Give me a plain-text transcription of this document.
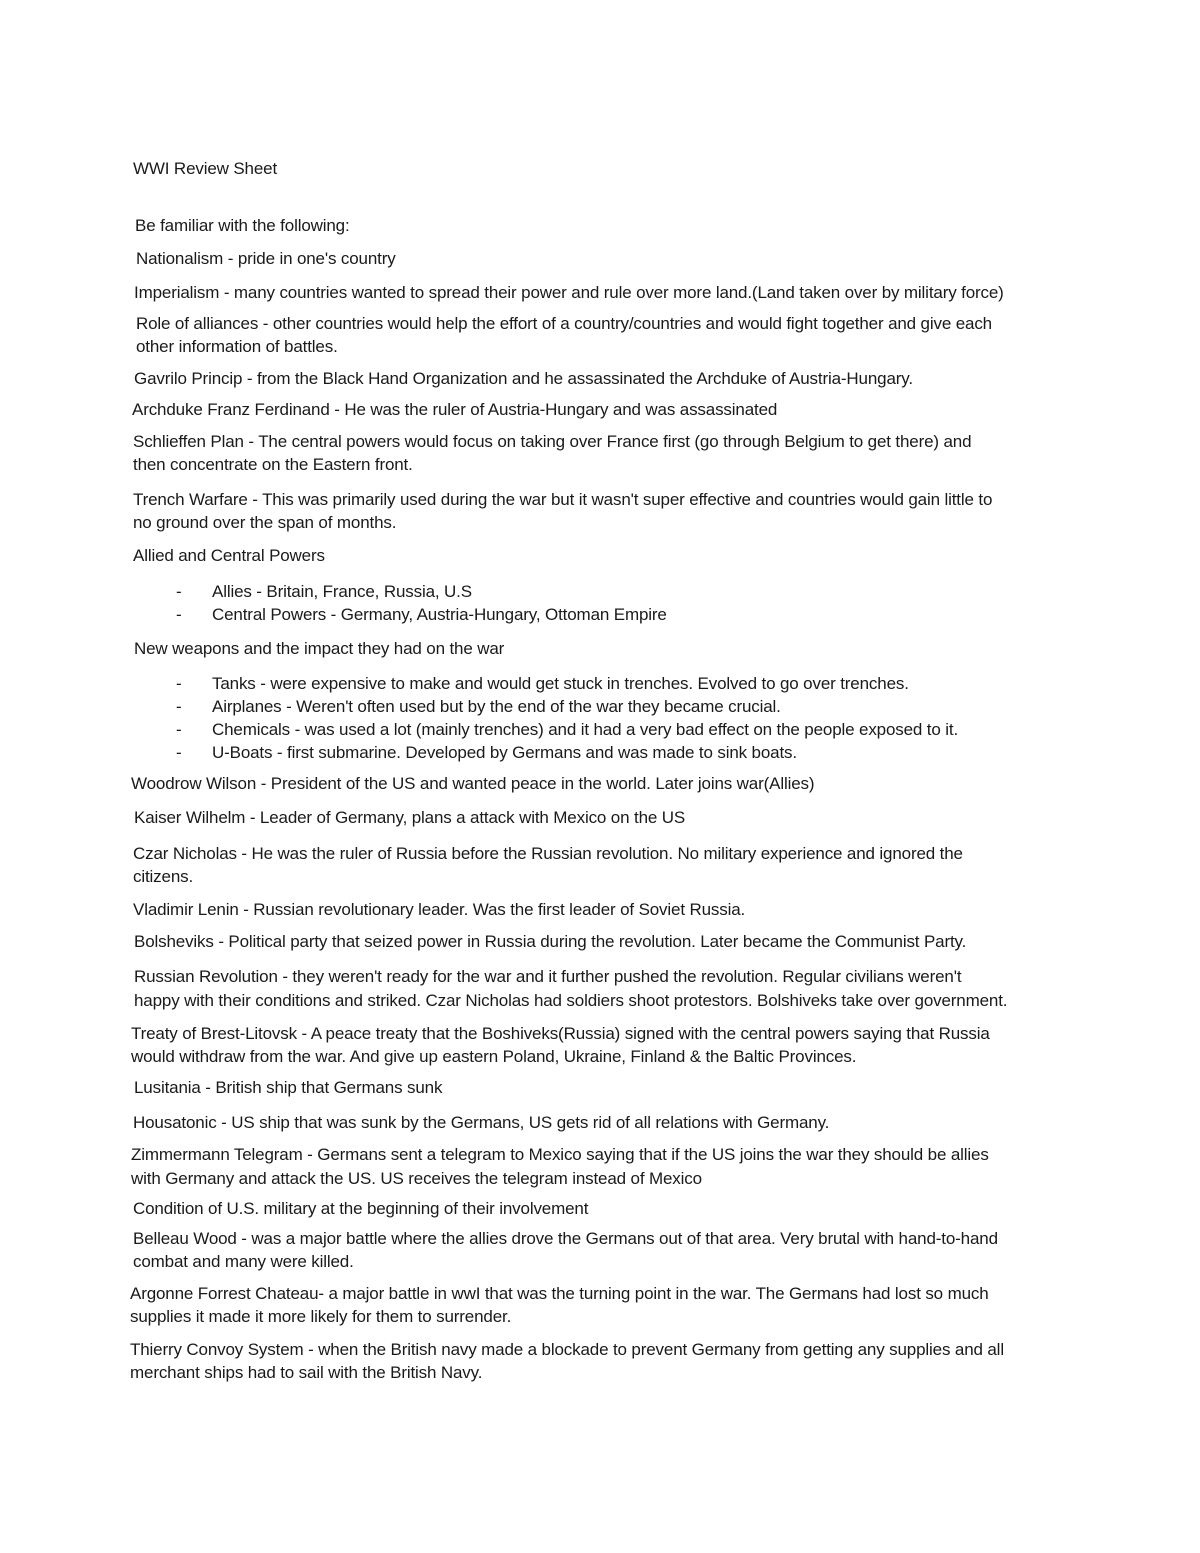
WWI Review Sheet
Be familiar with the following:
Nationalism - pride in one's country
Imperialism - many countries wanted to spread their power and rule over more land.(Land taken over by military force)
Role of alliances - other countries would help the effort of a country/countries and would fight together and give each
other information of battles.
Gavrilo Princip - from the Black Hand Organization and he assassinated the Archduke of Austria-Hungary.
Archduke Franz Ferdinand - He was the ruler of Austria-Hungary and was assassinated
Schlieffen Plan - The central powers would focus on taking over France first (go through Belgium to get there) and
then concentrate on the Eastern front.
Trench Warfare - This was primarily used during the war but it wasn't super effective and countries would gain little to
no ground over the span of months.
Allied and Central Powers
- Allies - Britain, France, Russia, U.S
- Central Powers - Germany, Austria-Hungary, Ottoman Empire
New weapons and the impact they had on the war
- Tanks - were expensive to make and would get stuck in trenches. Evolved to go over trenches.
- Airplanes - Weren't often used but by the end of the war they became crucial.
- Chemicals - was used a lot (mainly trenches) and it had a very bad effect on the people exposed to it.
- U-Boats - first submarine. Developed by Germans and was made to sink boats.
Woodrow Wilson - President of the US and wanted peace in the world. Later joins war(Allies)
Kaiser Wilhelm - Leader of Germany, plans a attack with Mexico on the US
Czar Nicholas - He was the ruler of Russia before the Russian revolution. No military experience and ignored the
citizens.
Vladimir Lenin - Russian revolutionary leader. Was the first leader of Soviet Russia.
Bolsheviks - Political party that seized power in Russia during the revolution. Later became the Communist Party.
Russian Revolution - they weren't ready for the war and it further pushed the revolution. Regular civilians weren't
happy with their conditions and striked. Czar Nicholas had soldiers shoot protestors. Bolshiveks take over government.
Treaty of Brest-Litovsk - A peace treaty that the Boshiveks(Russia) signed with the central powers saying that Russia
would withdraw from the war. And give up eastern Poland, Ukraine, Finland & the Baltic Provinces.
Lusitania - British ship that Germans sunk
Housatonic - US ship that was sunk by the Germans, US gets rid of all relations with Germany.
Zimmermann Telegram - Germans sent a telegram to Mexico saying that if the US joins the war they should be allies
with Germany and attack the US. US receives the telegram instead of Mexico
Condition of U.S. military at the beginning of their involvement
Belleau Wood - was a major battle where the allies drove the Germans out of that area. Very brutal with hand-to-hand
combat and many were killed.
Argonne Forrest Chateau- a major battle in wwI that was the turning point in the war. The Germans had lost so much
supplies it made it more likely for them to surrender.
Thierry Convoy System - when the British navy made a blockade to prevent Germany from getting any supplies and all
merchant ships had to sail with the British Navy.
